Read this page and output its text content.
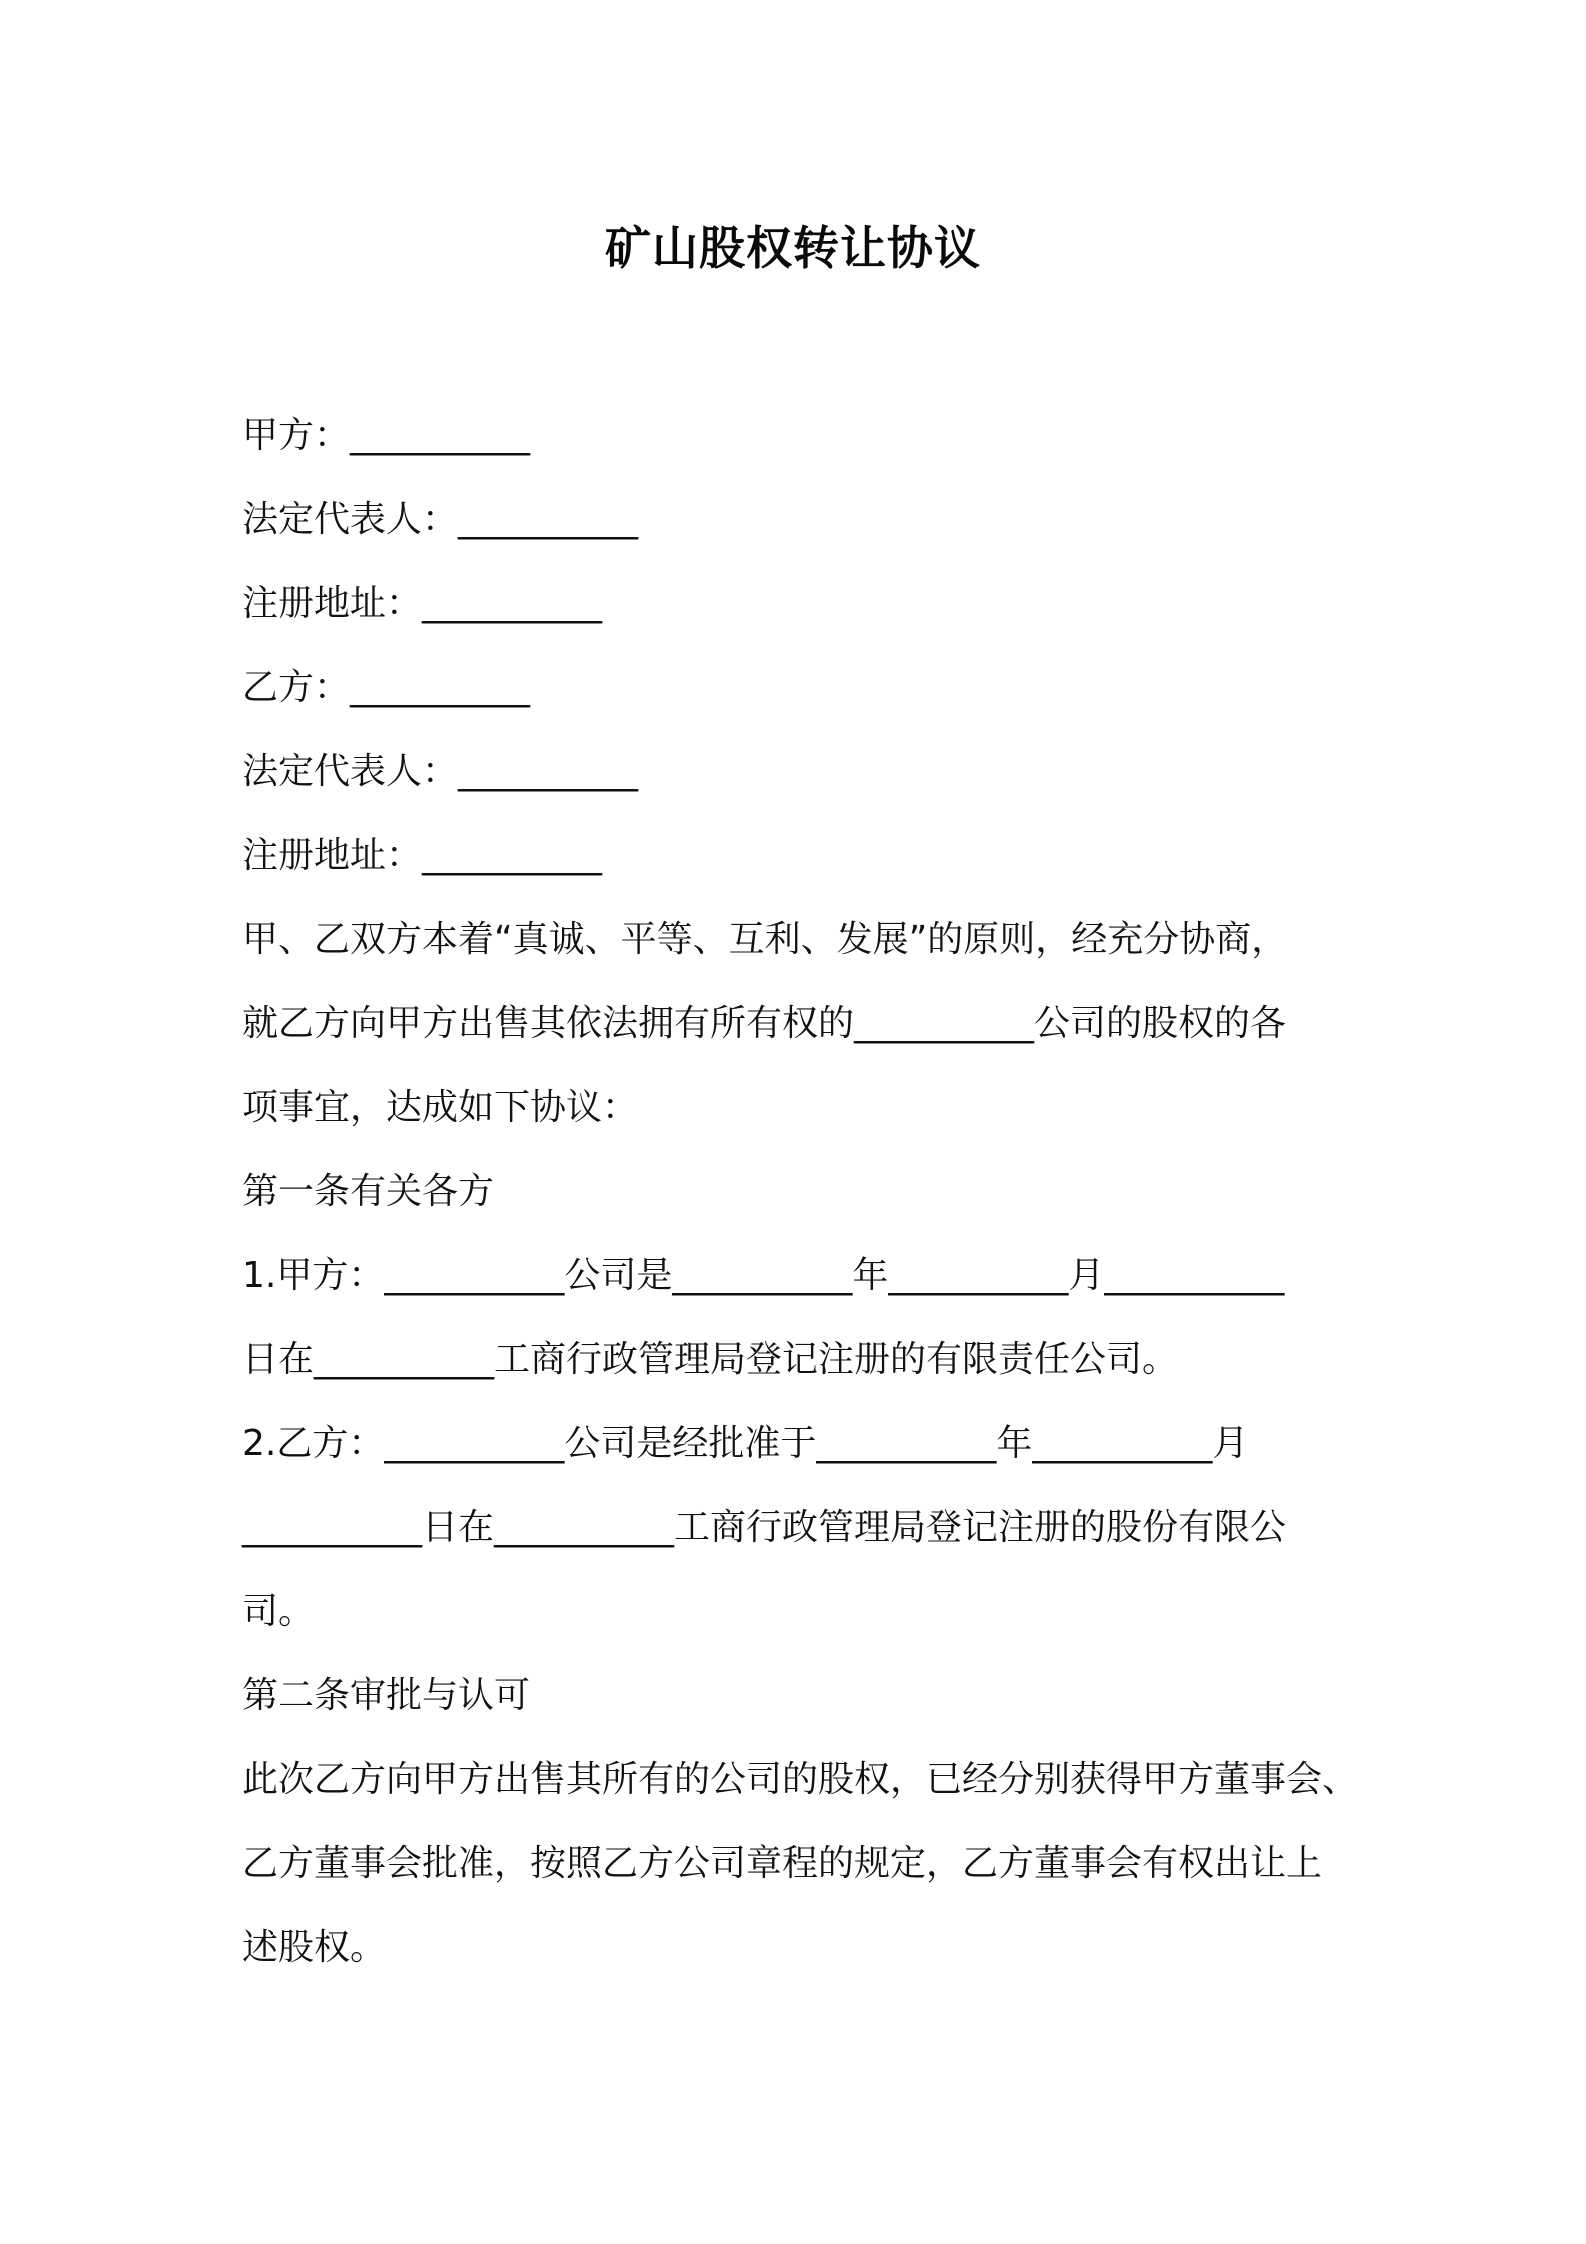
矿山股权转让协议
甲方：__________
法定代表人：__________
注册地址：__________
乙方：__________
法定代表人：__________
注册地址：__________
甲、乙双方本着“真诚、平等、互利、发展”的原则，经充分协商，
就乙方向甲方出售其依法拥有所有权的__________公司的股权的各
项事宜，达成如下协议：
第一条有关各方
1.甲方：__________公司是__________年__________月__________
日在__________工商行政管理局登记注册的有限责任公司。
2.乙方：__________公司是经批准于__________年__________月
__________日在__________工商行政管理局登记注册的股份有限公
司。
第二条审批与认可
此次乙方向甲方出售其所有的公司的股权，已经分别获得甲方董事会、
乙方董事会批准，按照乙方公司章程的规定，乙方董事会有权出让上
述股权。
